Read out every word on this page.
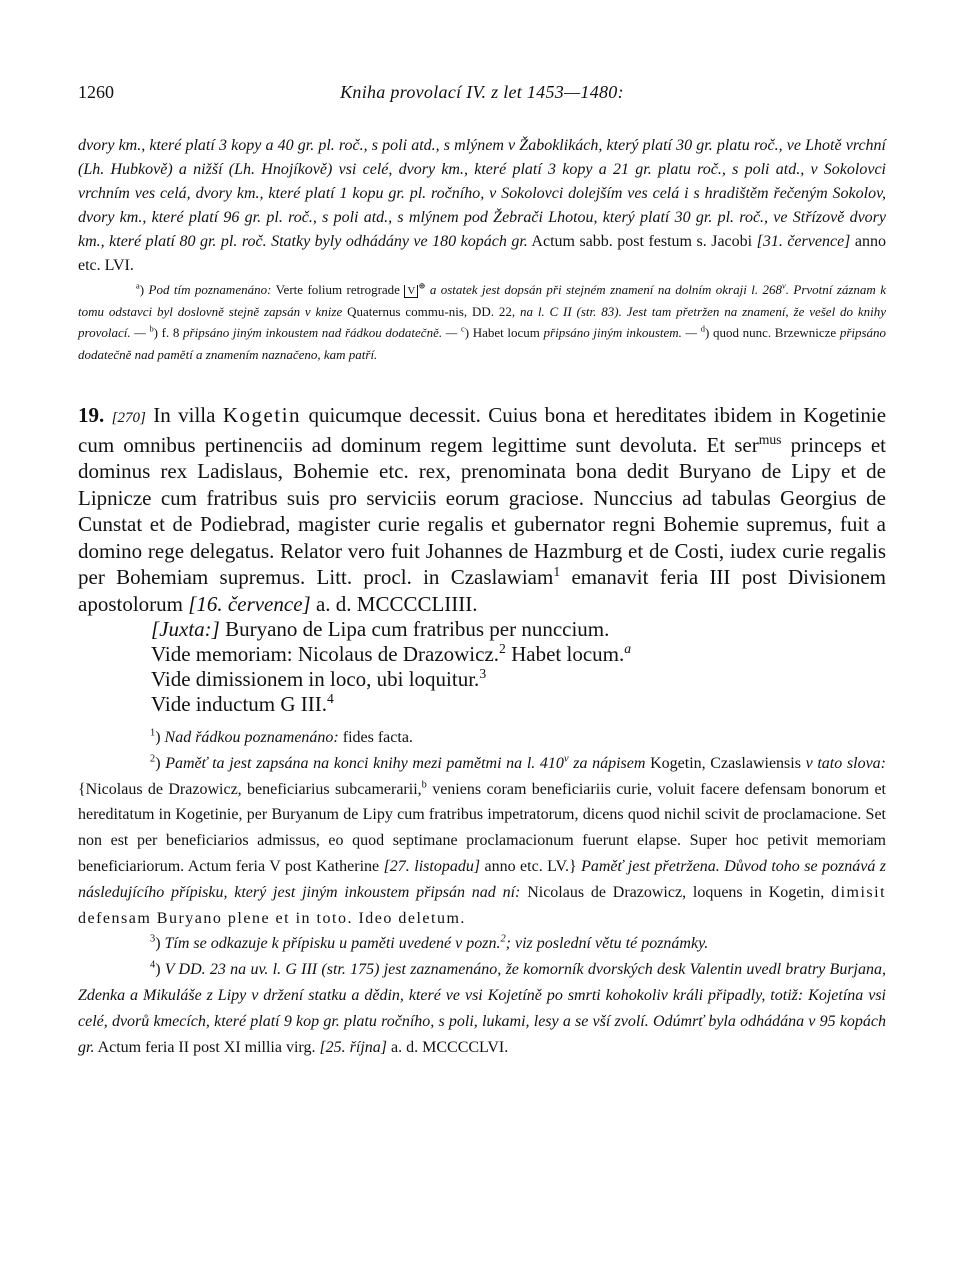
1260	Kniha provolací IV. z let 1453—1480:
dvory km., které platí 3 kopy a 40 gr. pl. roč., s poli atd., s mlýnem v Žaboklikách, který platí 30 gr. platu roč., ve Lhotě vrchní (Lh. Hubkově) a nižší (Lh. Hnojíkově) vsi celé, dvory km., které platí 3 kopy a 21 gr. platu roč., s poli atd., v Sokolovci vrchním ves celá, dvory km., které platí 1 kopu gr. pl. ročního, v Sokolovci dolejším ves celá i s hradištěm řečeným Sokolov, dvory km., které platí 96 gr. pl. roč., s poli atd., s mlýnem pod Žebrači Lhotou, který platí 30 gr. pl. roč., ve Střízově dvory km., které platí 80 gr. pl. roč. Statky byly odhádány ve 180 kopách gr. Actum sabb. post festum s. Jacobi [31. července] anno etc. LVI.
$^a$) Pod tím poznamenáno: Verte folium retrograde V ⊕ a ostatek jest dopsán při stejném znamení na dolním okraji l. 268$^v$. Prvotní záznam k tomu odstavci byl doslovně stejně zapsán v knize Quaternus commu-nis, DD. 22, na l. C II (str. 83). Jest tam přetržen na znamení, že vešel do knihy provolací. — $^b$) f. 8 připsáno jiným inkoustem nad řádkou dodatečně. — $^c$) Habet locum připsáno jiným inkoustem. — $^d$) quod nunc. Brzewnicze připsáno dodatečně nad pamětí a znamením naznačeno, kam patří.
19. [270] In villa Kogetin quicumque decessit. Cuius bona et hereditates ibidem in Kogetinie cum omnibus pertinenciis ad dominum regem legittime sunt devoluta. Et ser$^{mus}$ princeps et dominus rex Ladislaus, Bohemie etc. rex, prenominata bona dedit Buryano de Lipy et de Lipnicze cum fratribus suis pro serviciis eorum graciose. Nunccius ad tabulas Georgius de Cunstat et de Podiebrad, magister curie regalis et gubernator regni Bohemie supremus, fuit a domino rege delegatus. Relator vero fuit Johannes de Hazmburg et de Costi, iudex curie regalis per Bohemiam supremus. Litt. procl. in Czaslawiam$^1$ emanavit feria III post Divisionem apostolorum [16. července] a. d. MCCCCLIIII.
[Juxta:] Buryano de Lipa cum fratribus per nunccium.
Vide memoriam: Nicolaus de Drazowicz.$^2$ Habet locum.$^a$
Vide dimissionem in loco, ubi loquitur.$^3$
Vide inductum G III.$^4$

$^1$) Nad řádkou poznamenáno: fides facta.

$^2$) Paměť ta jest zapsána na konci knihy mezi pamětmi na l. 410$^v$ za nápisem Kogetin, Czaslawiensis v tato slova: {Nicolaus de Drazowicz, beneficiarius subcamerarii,$^b$ veniens coram beneficiariis curie, voluit facere defensam bonorum et hereditatum in Kogetinie, per Buryanum de Lipy cum fratribus impetratorum, dicens quod nichil scivit de proclamacione. Set non est per beneficiarios admissus, eo quod septimane proclamacionum fuerunt elapse. Super hoc petivit memoriam beneficiariorum. Actum feria V post Katherine [27. listopadu] anno etc. LV.} Paměť jest přetržena. Důvod toho se poznává z následujícího přípisku, který jest jiným inkoustem připsán nad ní: Nicolaus de Drazowicz, loquens in Kogetin, dimisit defensam Buryano plene et in toto. Ideo deletum.

$^3$) Tím se odkazuje k přípisku u paměti uvedené v pozn.$^2$; viz poslední větu té poznámky.

$^4$) V DD. 23 na uv. l. G III (str. 175) jest zaznamenáno, že komorník dvorských desk Valentin uvedl bratry Burjana, Zdenka a Mikuláše z Lipy v držení statku a dědin, které ve vsi Kojetíně po smrti kohokoliv králi připadly, totiž: Kojetína vsi celé, dvorů kmecích, které platí 9 kop gr. platu ročního, s poli, lukami, lesy a se vší zvolí. Odúmrť byla odhádána v 95 kopách gr. Actum feria II post XI millia virg. [25. října] a. d. MCCCCLVI.
